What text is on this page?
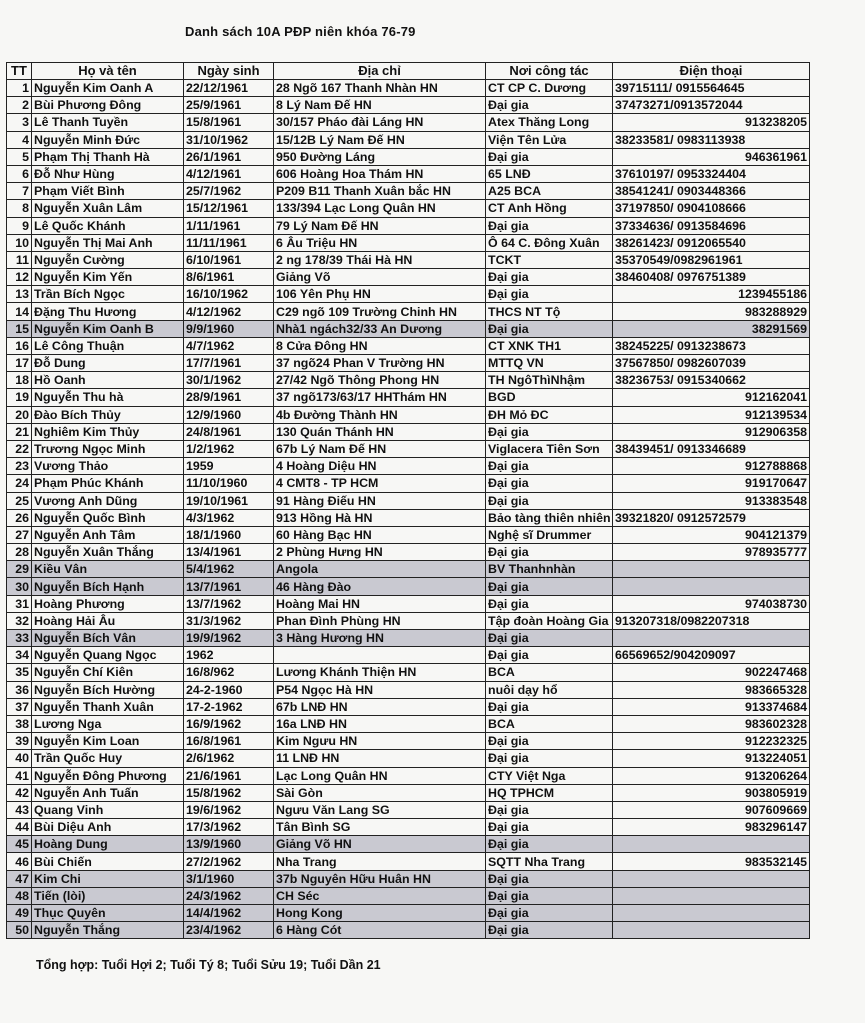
Danh sách 10A PĐP niên khóa 76-79
TT	Họ và tên	Ngày sinh	Địa chỉ	Nơi công tác	Điện thoại
1	Nguyễn Kim Oanh A	22/12/1961	28 Ngõ 167 Thanh Nhàn HN	CT CP C. Dương	39715111/ 0915564645
2	Bùi Phương Đông	25/9/1961	8 Lý Nam Đế HN	Đại gia	37473271/0913572044
3	Lê Thanh Tuyền	15/8/1961	30/157 Pháo đài Láng HN	Atex Thăng Long	913238205
4	Nguyễn Minh Đức	31/10/1962	15/12B Lý Nam Đế HN	Viện Tên Lửa	38233581/ 0983113938
5	Phạm Thị Thanh Hà	26/1/1961	950 Đường Láng	Đại gia	946361961
6	Đỗ Như Hùng	4/12/1961	606 Hoàng Hoa Thám HN	65 LNĐ	37610197/ 0953324404
7	Phạm Viết Bình	25/7/1962	P209 B11 Thanh Xuân bắc HN	A25 BCA	38541241/ 0903448366
8	Nguyễn Xuân Lâm	15/12/1961	133/394 Lạc Long Quân HN	CT Anh Hồng	37197850/ 0904108666
9	Lê Quốc Khánh	1/11/1961	79 Lý Nam Đế HN	Đại gia	37334636/ 0913584696
10	Nguyễn Thị Mai Anh	11/11/1961	6 Âu Triệu HN	Ô 64 C. Đông Xuân	38261423/ 0912065540
11	Nguyễn Cường	6/10/1961	2 ng 178/39 Thái Hà HN	TCKT	35370549/0982961961
12	Nguyễn Kim Yến	8/6/1961	Giảng Võ	Đại gia	38460408/ 0976751389
13	Trần Bích Ngọc	16/10/1962	106 Yên Phụ HN	Đại gia	1239455186
14	Đặng Thu Hương	4/12/1962	C29 ngõ 109 Trường Chinh HN	THCS NT Tộ	983288929
15	Nguyễn Kim Oanh B	9/9/1960	Nhà1 ngách32/33 An Dương	Đại gia	38291569
16	Lê Công Thuận	4/7/1962	8 Cửa Đông HN	CT XNK TH1	38245225/ 0913238673
17	Đỗ Dung	17/7/1961	37 ngõ24 Phan V Trường HN	MTTQ VN	37567850/ 0982607039
18	Hồ Oanh	30/1/1962	27/42 Ngõ Thông Phong HN	TH NgôThìNhậm	38236753/ 0915340662
19	Nguyễn Thu hà	28/9/1961	37 ngõ173/63/17 HHThám HN	BGD	912162041
20	Đào Bích Thủy	12/9/1960	4b Đường Thành HN	ĐH Mỏ ĐC	912139534
21	Nghiêm Kim Thủy	24/8/1961	130 Quán Thánh HN	Đại gia	912906358
22	Trương Ngọc Minh	1/2/1962	67b Lý Nam Đế HN	Viglacera Tiên Sơn	38439451/ 0913346689
23	Vương Thảo	1959	4 Hoàng Diệu HN	Đại gia	912788868
24	Phạm Phúc Khánh	11/10/1960	4 CMT8 - TP HCM	Đại gia	919170647
25	Vương Anh Dũng	19/10/1961	91 Hàng Điếu HN	Đại gia	913383548
26	Nguyễn Quốc Bình	4/3/1962	913 Hồng Hà HN	Bảo tàng thiên nhiên	39321820/ 0912572579
27	Nguyễn Anh Tâm	18/1/1960	60 Hàng Bạc HN	Nghệ sĩ Drummer	904121379
28	Nguyễn Xuân Thắng	13/4/1961	2 Phùng Hưng HN	Đại gia	978935777
29	Kiều Vân	5/4/1962	Angola	BV Thanhnhàn	
30	Nguyễn Bích Hạnh	13/7/1961	46 Hàng Đào	Đại gia	
31	Hoàng Phương	13/7/1962	Hoàng Mai HN	Đại gia	974038730
32	Hoàng Hải Âu	31/3/1962	Phan Đình Phùng HN	Tập đoàn Hoàng Gia	913207318/0982207318
33	Nguyễn Bích Vân	19/9/1962	3 Hàng Hương HN	Đại gia	
34	Nguyễn Quang Ngọc	1962		Đại gia	66569652/904209097
35	Nguyễn Chí Kiên	16/8/962	Lương Khánh Thiện HN	BCA	902247468
36	Nguyễn Bích Hường	24-2-1960	P54 Ngọc Hà HN	nuôi dạy hổ	983665328
37	Nguyễn Thanh Xuân	17-2-1962	67b LNĐ HN	Đại gia	913374684
38	Lương Nga	16/9/1962	16a LNĐ HN	BCA	983602328
39	Nguyễn Kim Loan	16/8/1961	Kim Ngưu HN	Đại gia	912232325
40	Trần Quốc Huy	2/6/1962	11 LNĐ HN	Đại gia	913224051
41	Nguyễn Đông Phương	21/6/1961	Lạc Long Quân HN	CTY Việt Nga	913206264
42	Nguyễn Anh Tuấn	15/8/1962	Sài Gòn	HQ TPHCM	903805919
43	Quang Vinh	19/6/1962	Ngưu Văn Lang SG	Đại gia	907609669
44	Bùi Diệu Anh	17/3/1962	Tân Bình SG	Đại gia	983296147
45	Hoàng Dung	13/9/1960	Giảng Võ HN	Đại gia	
46	Bùi Chiến	27/2/1962	Nha Trang	SQTT Nha Trang	983532145
47	Kim Chi	3/1/1960	37b Nguyên Hữu Huân HN	Đại gia	
48	Tiến (lòi)	24/3/1962	CH Séc	Đại gia	
49	Thục Quyên	14/4/1962	Hong Kong	Đại gia	
50	Nguyễn Thắng	23/4/1962	6 Hàng Cót	Đại gia	
Tổng hợp: Tuổi Hợi 2; Tuổi Tý 8; Tuổi Sửu 19; Tuổi Dần 21
